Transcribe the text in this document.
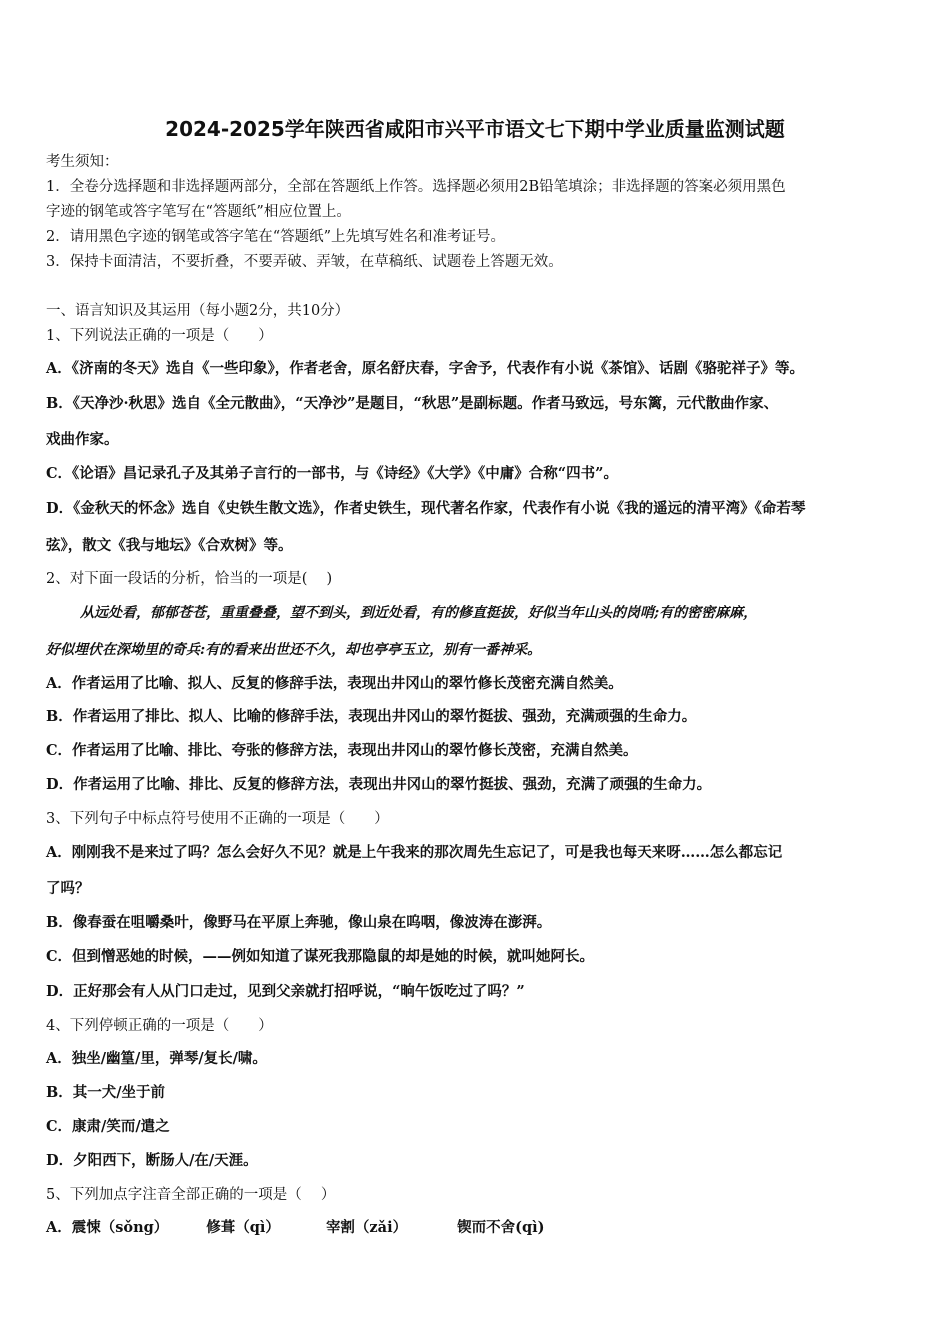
2024-2025学年陕西省咸阳市兴平市语文七下期中学业质量监测试题
考生须知：
1．全卷分选择题和非选择题两部分，全部在答题纸上作答。选择题必须用2B铅笔填涂；非选择题的答案必须用黑色
字迹的钢笔或答字笔写在“答题纸”相应位置上。
2．请用黑色字迹的钢笔或答字笔在“答题纸”上先填写姓名和准考证号。
3．保持卡面清洁，不要折叠，不要弄破、弄皱，在草稿纸、试题卷上答题无效。
一、语言知识及其运用（每小题2分，共10分）
1、下列说法正确的一项是（　　）
A．《济南的冬天》选自《一些印象》，作者老舍，原名舒庆春，字舍予，代表作有小说《茶馆》、话剧《骆驼祥子》等。
B．《天净沙·秋思》选自《全元散曲》，“天净沙”是题目，“秋思”是副标题。作者马致远，号东篱，元代散曲作家、
戏曲作家。
C．《论语》昌记录孔子及其弟子言行的一部书，与《诗经》《大学》《中庸》合称“四书”。
D．《金秋天的怀念》选自《史铁生散文选》，作者史铁生，现代著名作家，代表作有小说《我的遥远的清平湾》《命若琴
弦》，散文《我与地坛》《合欢树》等。
2、对下面一段话的分析，恰当的一项是(　 )
从远处看，郁郁苍苍，重重叠叠，望不到头，到近处看，有的修直挺拔，好似当年山头的岗哨;有的密密麻麻，
好似埋伏在深坳里的奇兵:有的看来出世还不久，却也亭亭玉立，别有一番神采。
A．作者运用了比喻、拟人、反复的修辞手法，表现出井冈山的翠竹修长茂密充满自然美。
B．作者运用了排比、拟人、比喻的修辞手法，表现出井冈山的翠竹挺拔、强劲，充满顽强的生命力。
C．作者运用了比喻、排比、夸张的修辞方法，表现出井冈山的翠竹修长茂密，充满自然美。
D．作者运用了比喻、排比、反复的修辞方法，表现出井冈山的翠竹挺拔、强劲，充满了顽强的生命力。
3、下列句子中标点符号使用不正确的一项是（　　）
A．刚刚我不是来过了吗？怎么会好久不见？就是上午我来的那次周先生忘记了，可是我也每天来呀……怎么都忘记
了吗？
B．像春蚕在咀嚼桑叶，像野马在平原上奔驰，像山泉在呜咽，像波涛在澎湃。
C．但到憎恶她的时候，——例如知道了谋死我那隐鼠的却是她的时候，就叫她阿长。
D．正好那会有人从门口走过，见到父亲就打招呼说，“晌午饭吃过了吗？”
4、下列停顿正确的一项是（　　）
A．独坐/幽篁/里，弹琴/复长/啸。
B．其一犬/坐于前
C．康肃/笑而/遣之
D．夕阳西下，断肠人/在/天涯。
5、下列加点字注音全部正确的一项是（　 ）
A．震悚（sǒng）	修葺（qì）	宰割（zǎi）	锲而不舍(qì)
